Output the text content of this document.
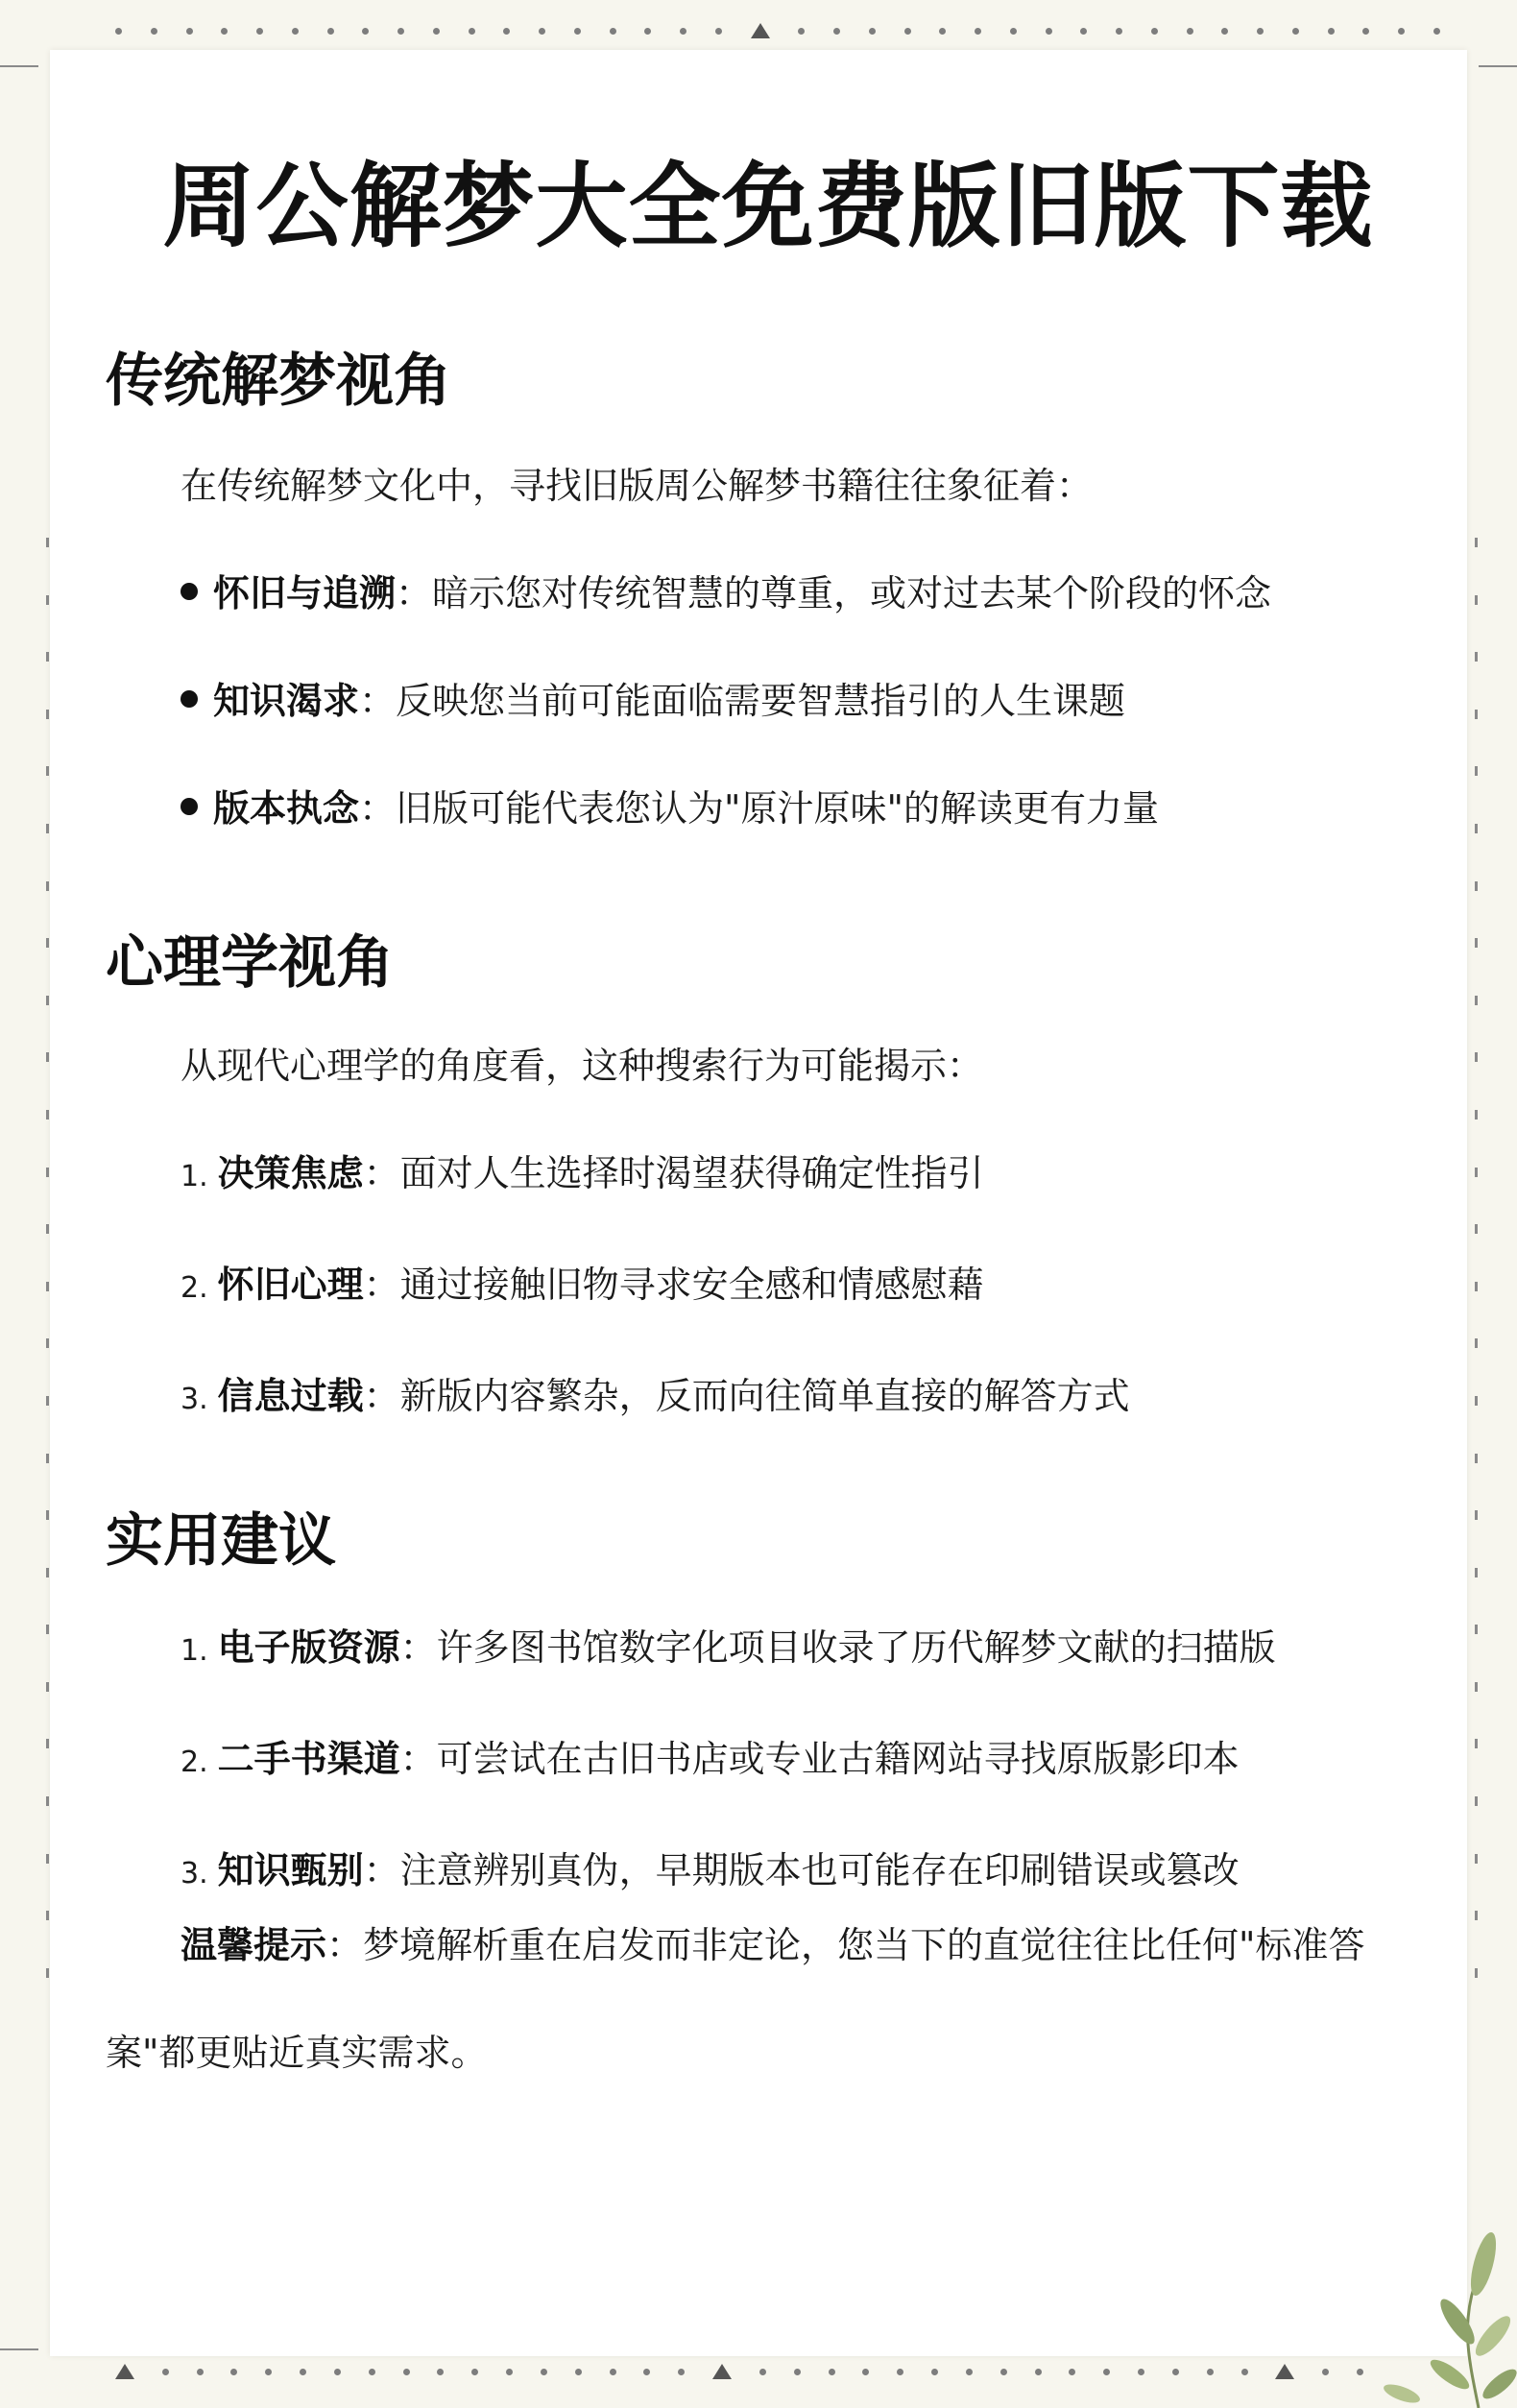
周公解梦大全免费版旧版下载
传统解梦视角

在传统解梦文化中，寻找旧版周公解梦书籍往往象征着：

怀旧与追溯：暗示您对传统智慧的尊重，或对过去某个阶段的怀念
知识渴求：反映您当前可能面临需要智慧指引的人生课题
版本执念：旧版可能代表您认为"原汁原味"的解读更有力量
心理学视角

从现代心理学的角度看，这种搜索行为可能揭示：

1. 决策焦虑：面对人生选择时渴望获得确定性指引
2. 怀旧心理：通过接触旧物寻求安全感和情感慰藉
3. 信息过载：新版内容繁杂，反而向往简单直接的解答方式
实用建议
1. 电子版资源：许多图书馆数字化项目收录了历代解梦文献的扫描版
2. 二手书渠道：可尝试在古旧书店或专业古籍网站寻找原版影印本
3. 知识甄别：注意辨别真伪，早期版本也可能存在印刷错误或篡改

温馨提示：梦境解析重在启发而非定论，您当下的直觉往往比任何"标准答案"都更贴近真实需求。
